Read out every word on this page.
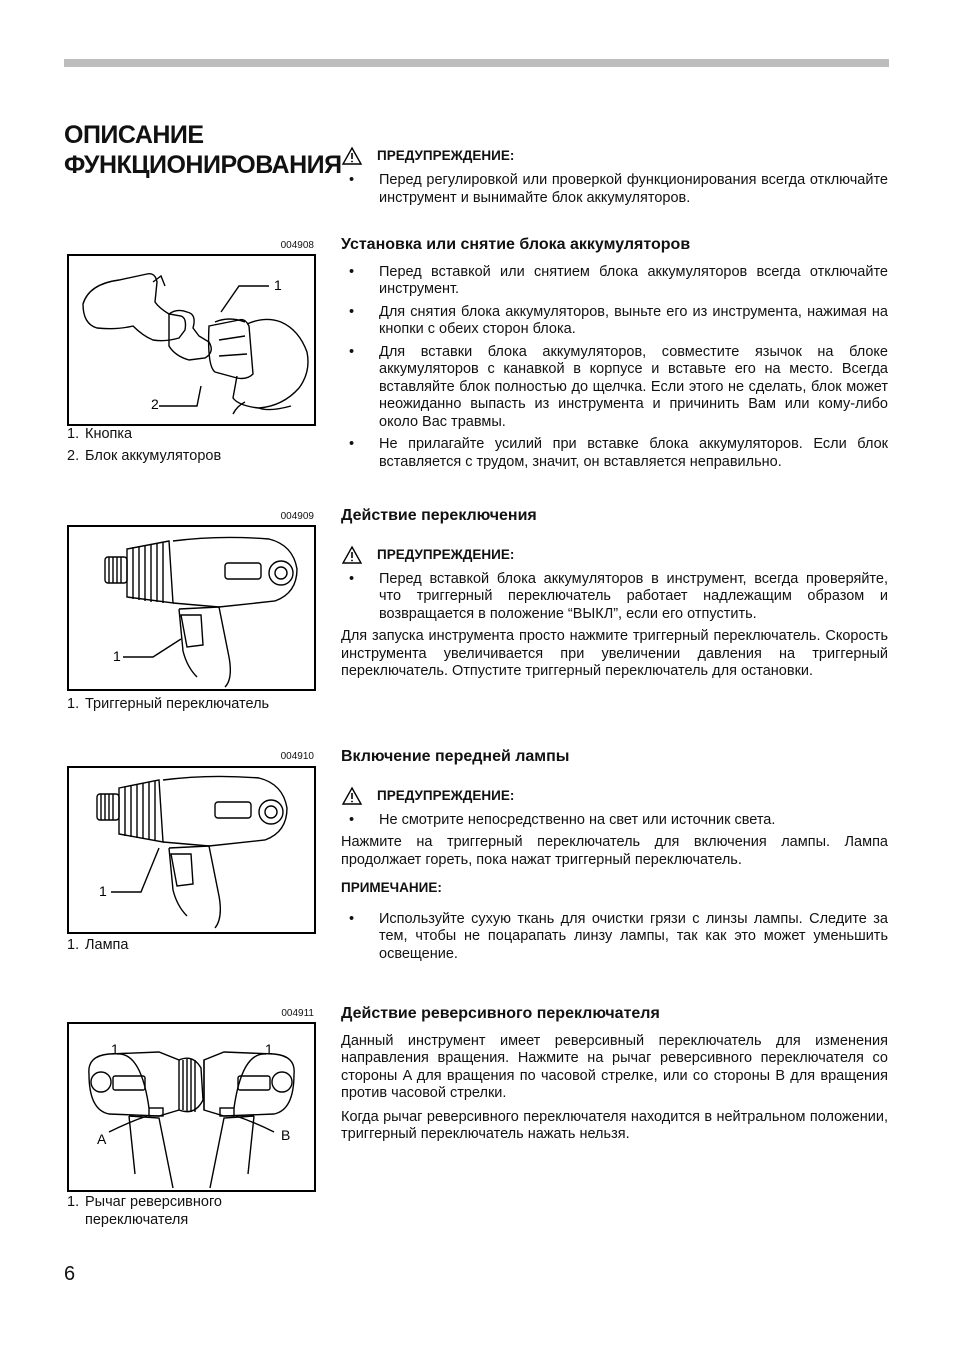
ОПИСАНИЕ
ФУНКЦИОНИРОВАНИЯ
004908
1
2
1. Кнопка
2. Блок аккумуляторов
004909
1
1. Триггерный переключатель
004910
1
1. Лампа
004911
1	1
A	B
1. Рычаг реверсивного переключателя
6
ПРЕДУПРЕЖДЕНИЕ:
• Перед регулировкой или проверкой функционирования всегда отключайте инструмент и вынимайте блок аккумуляторов.
Установка или снятие блока аккумуляторов
• Перед вставкой или снятием блока аккумуляторов всегда отключайте инструмент.
• Для снятия блока аккумуляторов, выньте его из инструмента, нажимая на кнопки с обеих сторон блока.
• Для вставки блока аккумуляторов, совместите язычок на блоке аккумуляторов с канавкой в корпусе и вставьте его на место. Всегда вставляйте блок полностью до щелчка. Если этого не сделать, блок может неожиданно выпасть из инструмента и причинить Вам или кому-либо около Вас травмы.
• Не прилагайте усилий при вставке блока аккумуляторов. Если блок вставляется с трудом, значит, он вставляется неправильно.
Действие переключения
ПРЕДУПРЕЖДЕНИЕ:
• Перед вставкой блока аккумуляторов в инструмент, всегда проверяйте, что триггерный переключатель работает надлежащим образом и возвращается в положение “ВЫКЛ”, если его отпустить.
Для запуска инструмента просто нажмите триггерный переключатель. Скорость инструмента увеличивается при увеличении давления на триггерный переключатель. Отпустите триггерный переключатель для остановки.
Включение передней лампы
ПРЕДУПРЕЖДЕНИЕ:
• Не смотрите непосредственно на свет или источник света.
Нажмите на триггерный переключатель для включения лампы. Лампа продолжает гореть, пока нажат триггерный переключатель.
ПРИМЕЧАНИЕ:
• Используйте сухую ткань для очистки грязи с линзы лампы. Следите за тем, чтобы не поцарапать линзу лампы, так как это может уменьшить освещение.
Действие реверсивного переключателя
Данный инструмент имеет реверсивный переключатель для изменения направления вращения. Нажмите на рычаг реверсивного переключателя со стороны A для вращения по часовой стрелке, или со стороны B для вращения против часовой стрелки.
Когда рычаг реверсивного переключателя находится в нейтральном положении, триггерный переключатель нажать нельзя.
